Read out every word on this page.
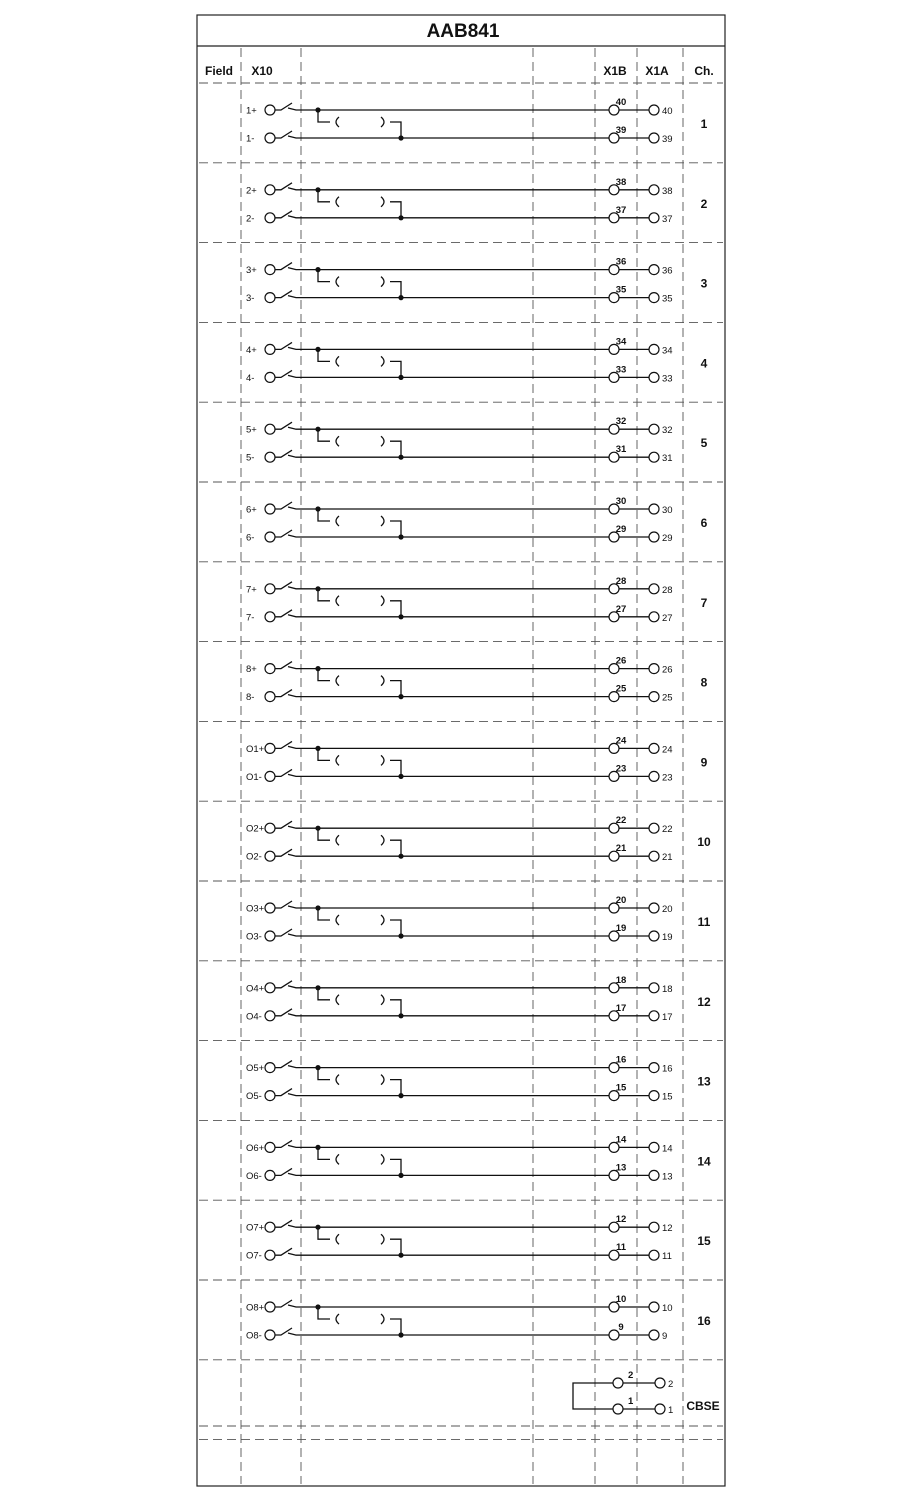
AAB841
Field X10	X1B X1A Ch.
1+
1-
40
39
40
39
1
2+
2-
38
37
38
37
2
3+
3-
36
35
36
35
3
4+
4-
34
33
34
33
4
5+
5-
32
31
32
31
5
6+
6-
30
29
30
29
6
7+
7-
28
27
28
27
7
8+
8-
26
25
26
25
8
O1+
O1-
24
23
24
23
9
O2+
O2-
22
21
22
21
10
O3+
O3-
20
19
20
19
11
O4+
O4-
18
17
18
17
12
O5+
O5-
16
15
16
15
13
O6+
O6-
14
13
14
13
14
O7+
O7-
12
11
12
11
15
O8+
O8-
10
9
10
9
16
2
1
2
1 CBSE
